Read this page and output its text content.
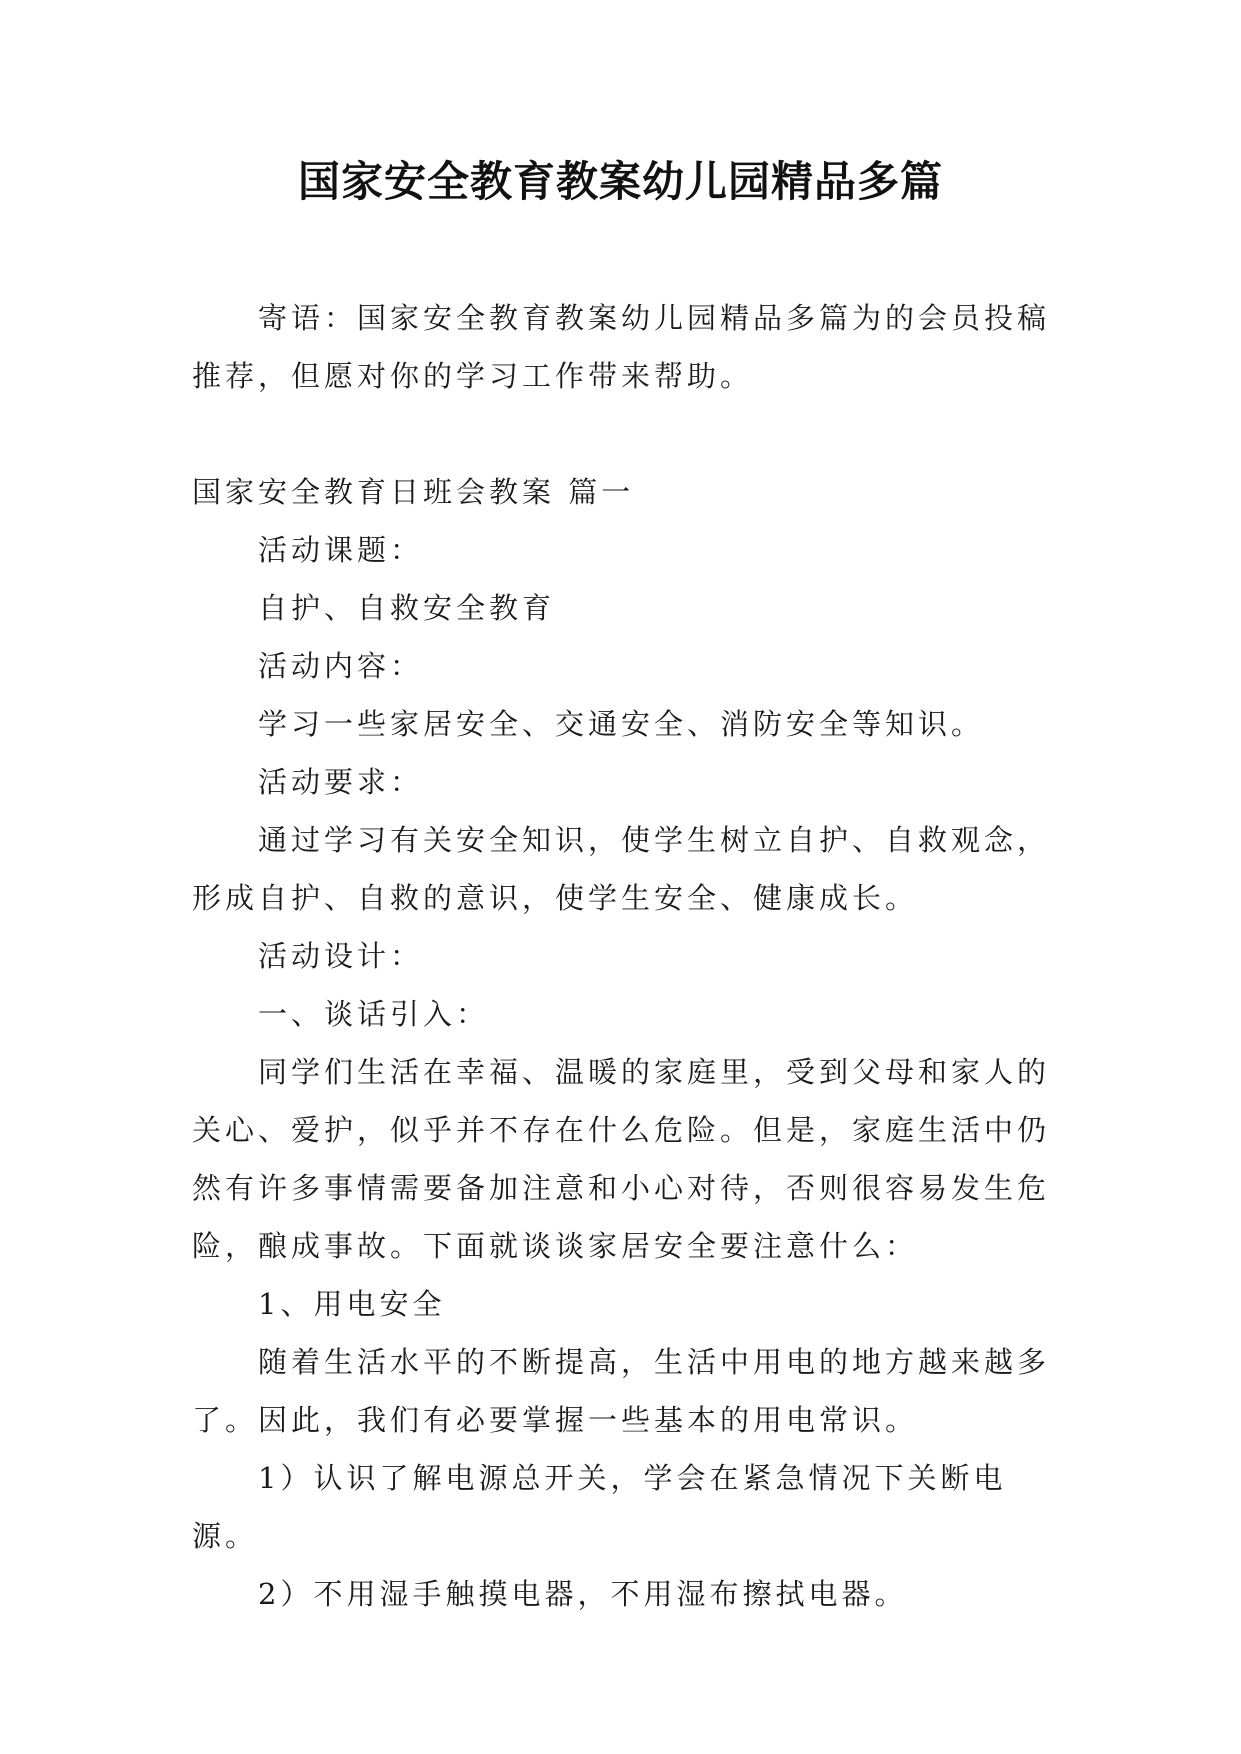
国家安全教育教案幼儿园精品多篇

寄语：国家安全教育教案幼儿园精品多篇为的会员投稿推荐，但愿对你的学习工作带来帮助。

国家安全教育日班会教案 篇一

活动课题：

自护、自救安全教育

活动内容：

学习一些家居安全、交通安全、消防安全等知识。

活动要求：

通过学习有关安全知识，使学生树立自护、自救观念，形成自护、自救的意识，使学生安全、健康成长。

活动设计：

一、谈话引入：

同学们生活在幸福、温暖的家庭里，受到父母和家人的关心、爱护，似乎并不存在什么危险。但是，家庭生活中仍然有许多事情需要备加注意和小心对待，否则很容易发生危险，酿成事故。下面就谈谈家居安全要注意什么：

1、用电安全

随着生活水平的不断提高，生活中用电的地方越来越多了。因此，我们有必要掌握一些基本的用电常识。

1）认识了解电源总开关，学会在紧急情况下关断电源。

2）不用湿手触摸电器，不用湿布擦拭电器。
